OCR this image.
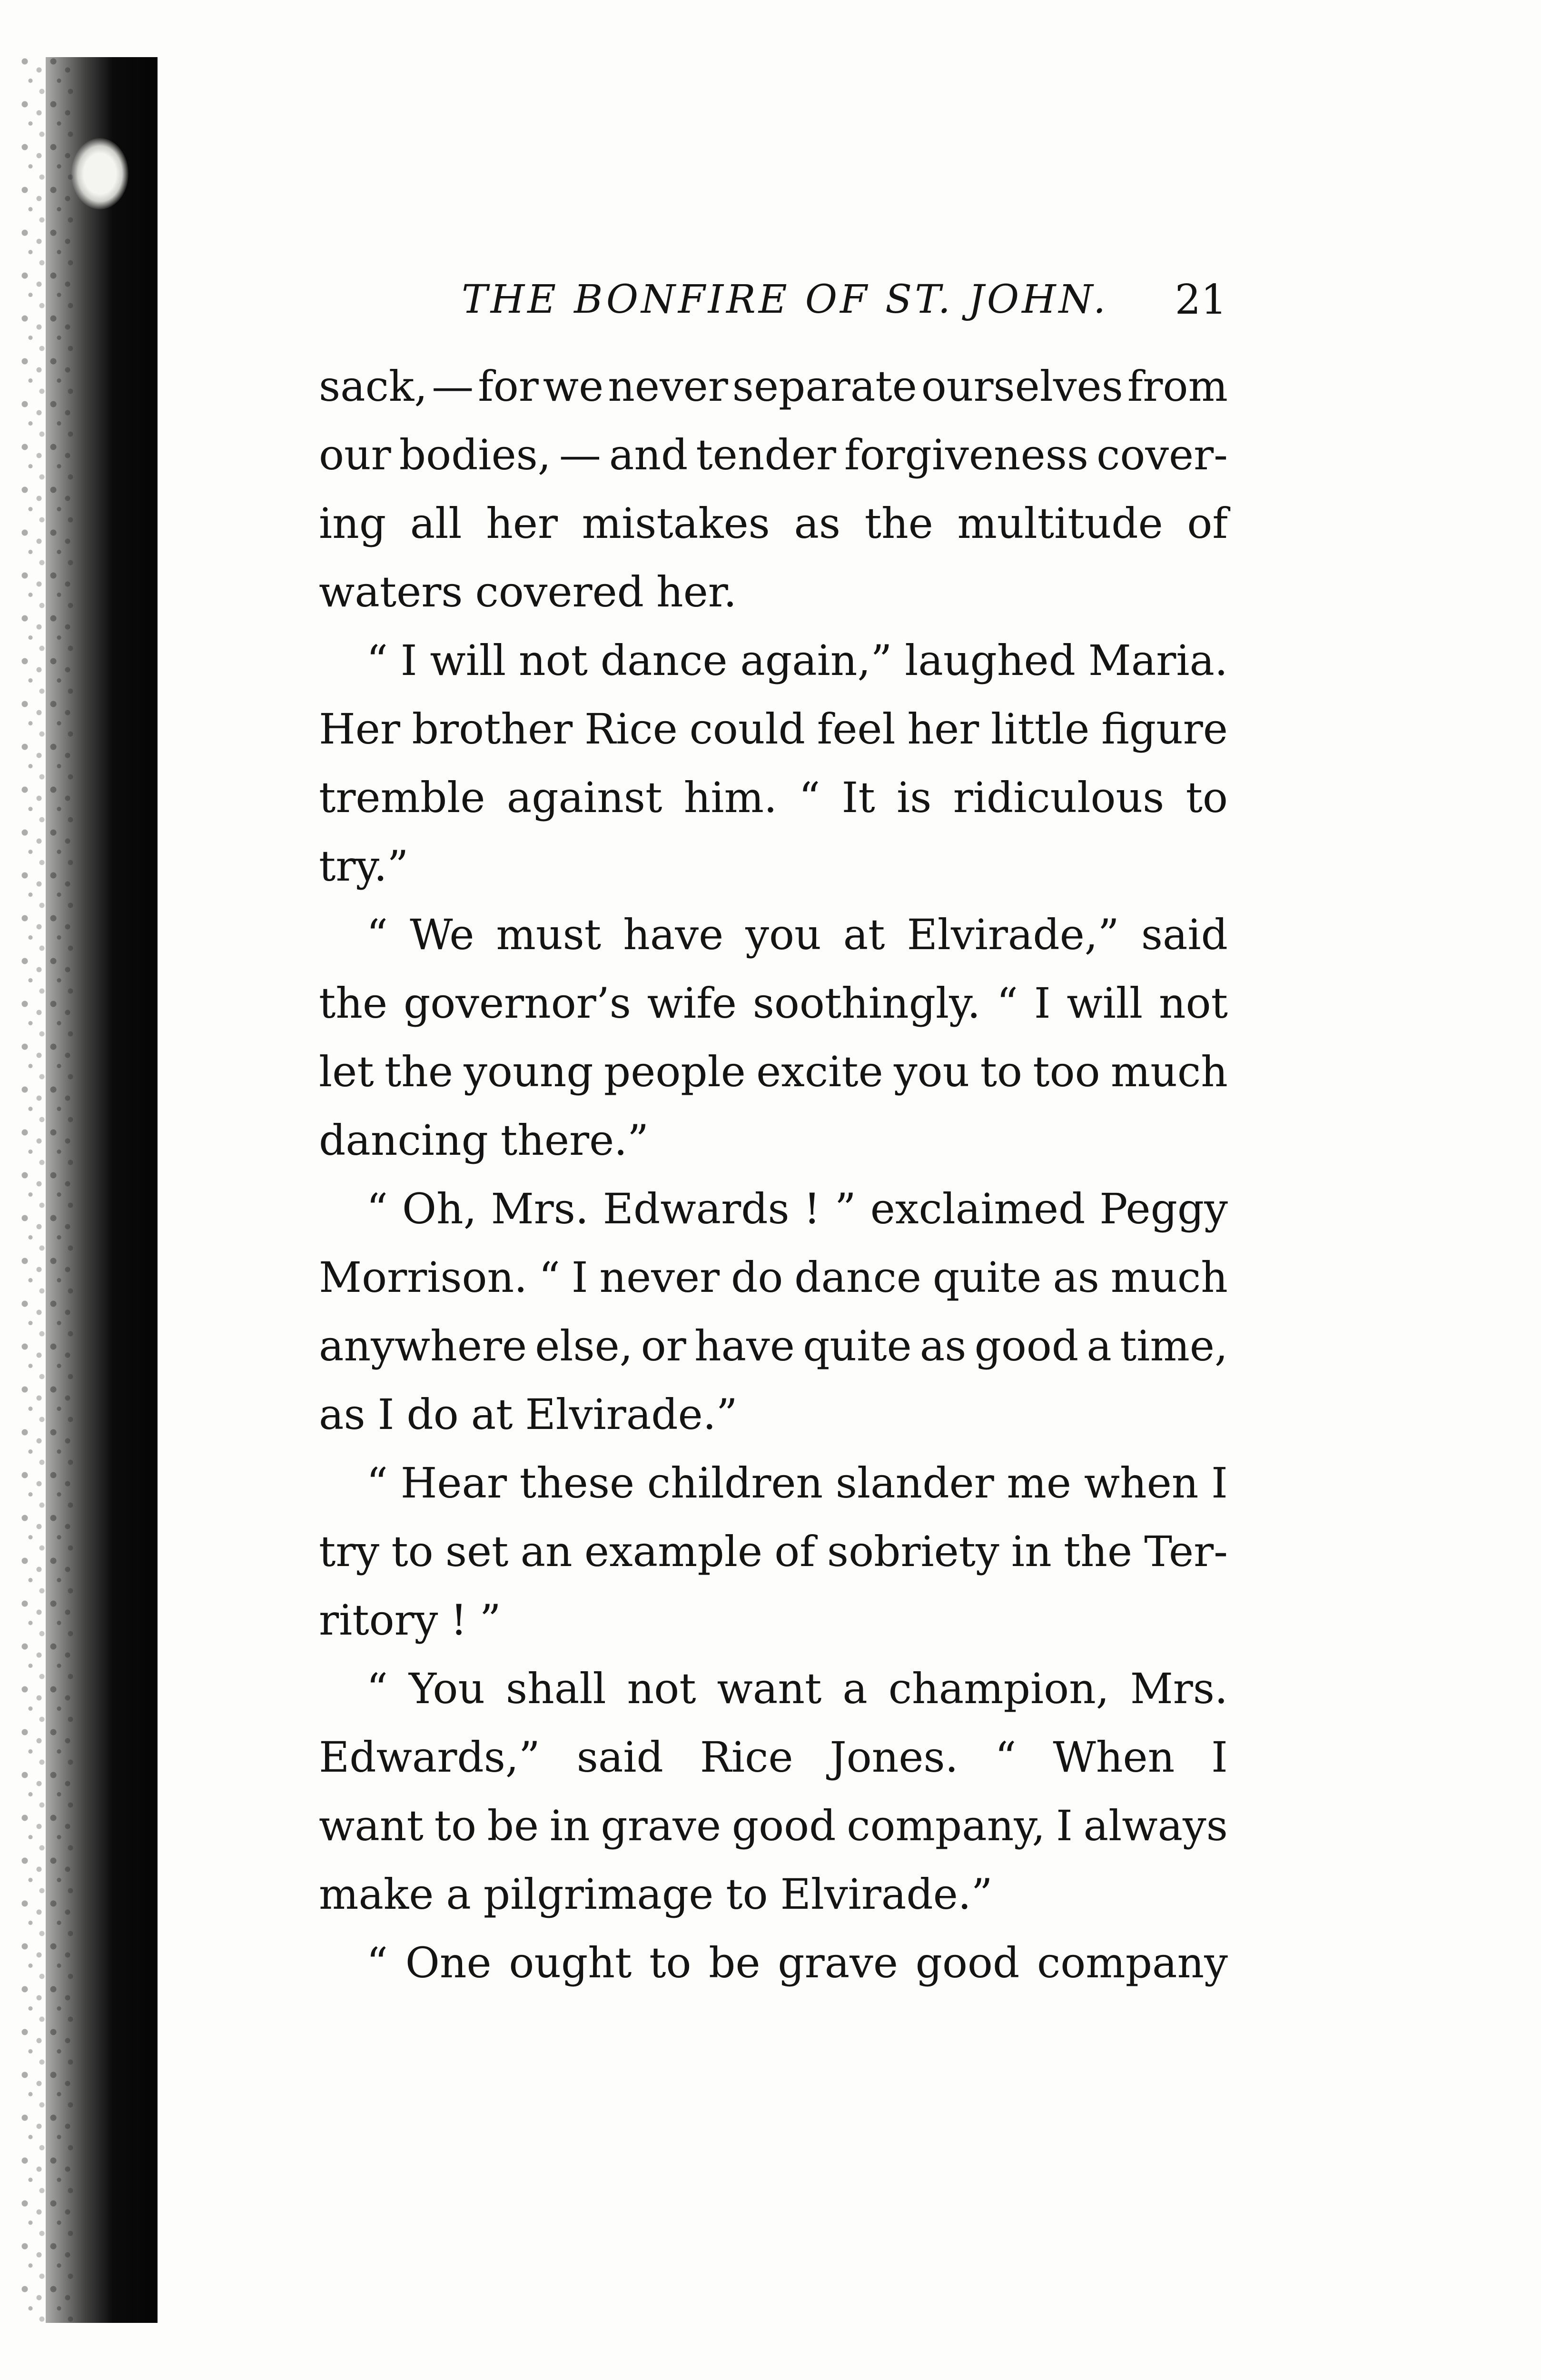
THE BONFIRE OF ST. JOHN. 21
sack, — for we never separate ourselves from
our bodies, — and tender forgiveness cover-
ing all her mistakes as the multitude of
waters covered her.
“ I will not dance again,” laughed Maria.
Her brother Rice could feel her little figure
tremble against him. “ It is ridiculous to
try.”
“ We must have you at Elvirade,” said
the governor’s wife soothingly. “ I will not
let the young people excite you to too much
dancing there.”
“ Oh, Mrs. Edwards ! ” exclaimed Peggy
Morrison. “ I never do dance quite as much
anywhere else, or have quite as good a time,
as I do at Elvirade.”
“ Hear these children slander me when I
try to set an example of sobriety in the Ter-
ritory ! ”
“ You shall not want a champion, Mrs.
Edwards,” said Rice Jones. “ When I
want to be in grave good company, I always
make a pilgrimage to Elvirade.”
“ One ought to be grave good company
